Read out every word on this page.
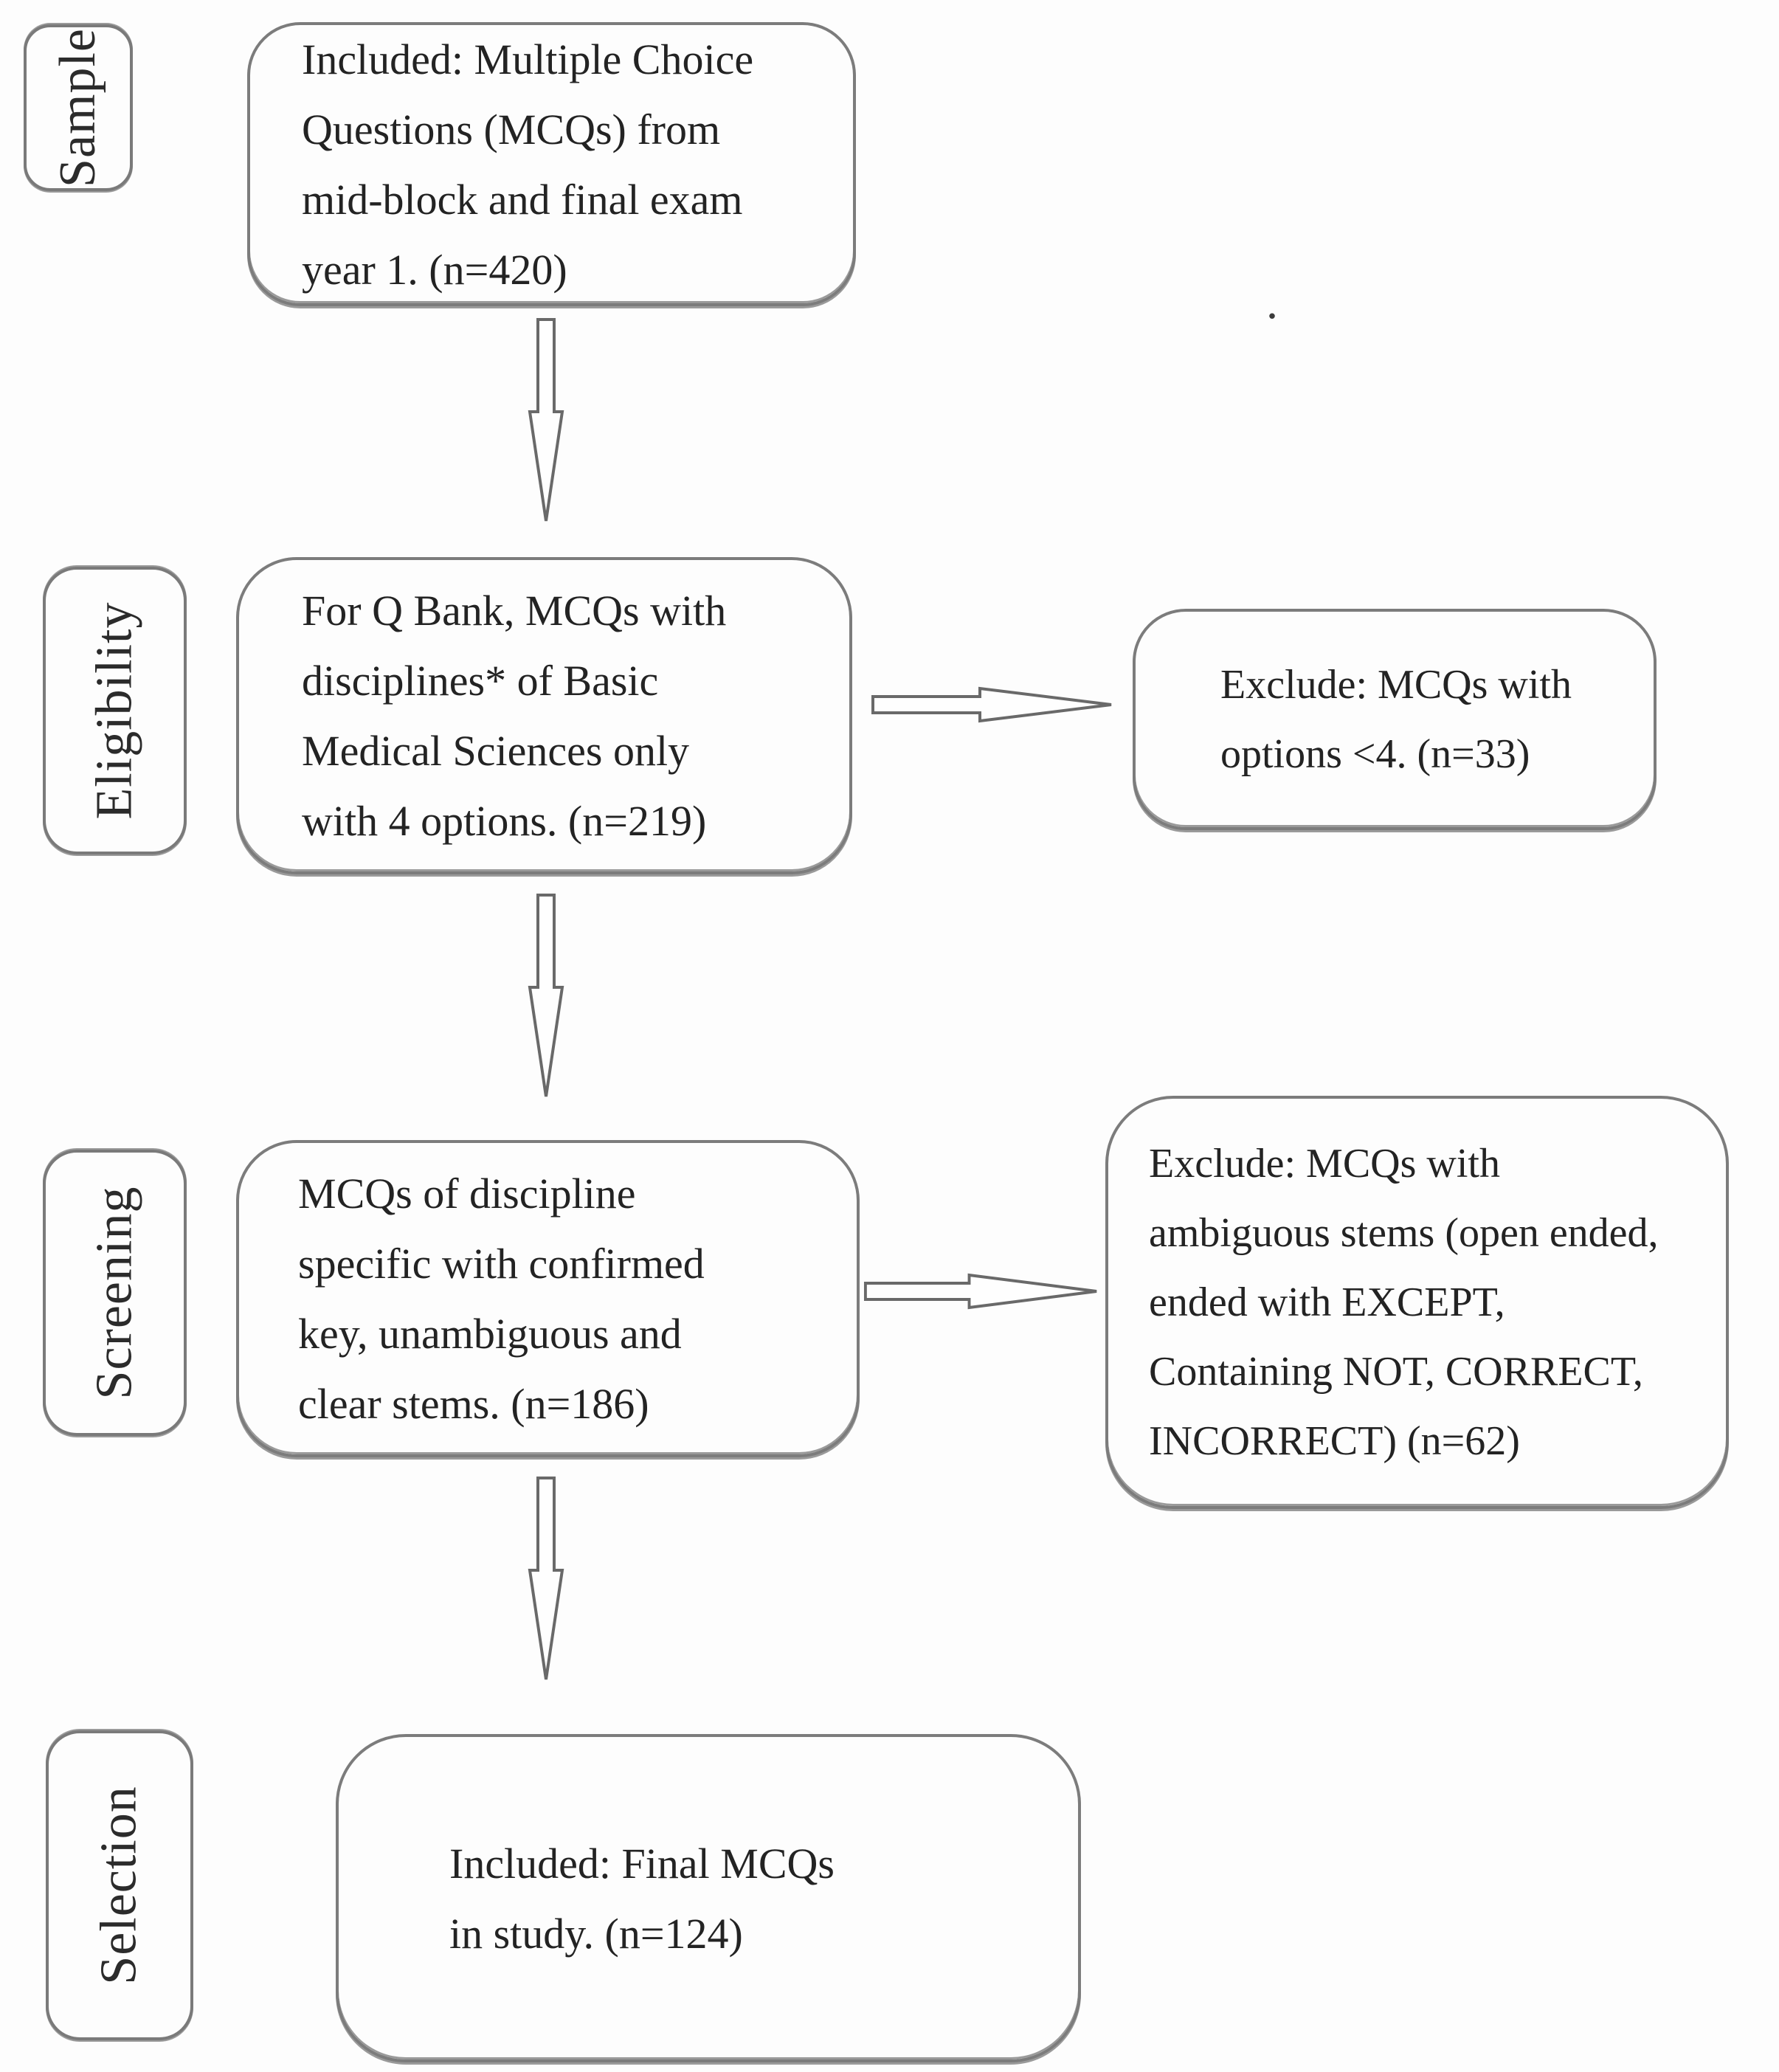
Sample
Eligibility
Screening
Selection
Included: Multiple Choice
Questions (MCQs) from
mid-block and final exam
year 1. (n=420)
For Q Bank, MCQs with
disciplines* of Basic
Medical Sciences only
with 4 options. (n=219)
MCQs of discipline
specific with confirmed
key, unambiguous and
clear stems. (n=186)
Included: Final MCQs
in study. (n=124)
Exclude: MCQs with
options <4. (n=33)
Exclude: MCQs with
ambiguous stems (open ended,
ended with EXCEPT,
Containing NOT, CORRECT,
INCORRECT) (n=62)
.
